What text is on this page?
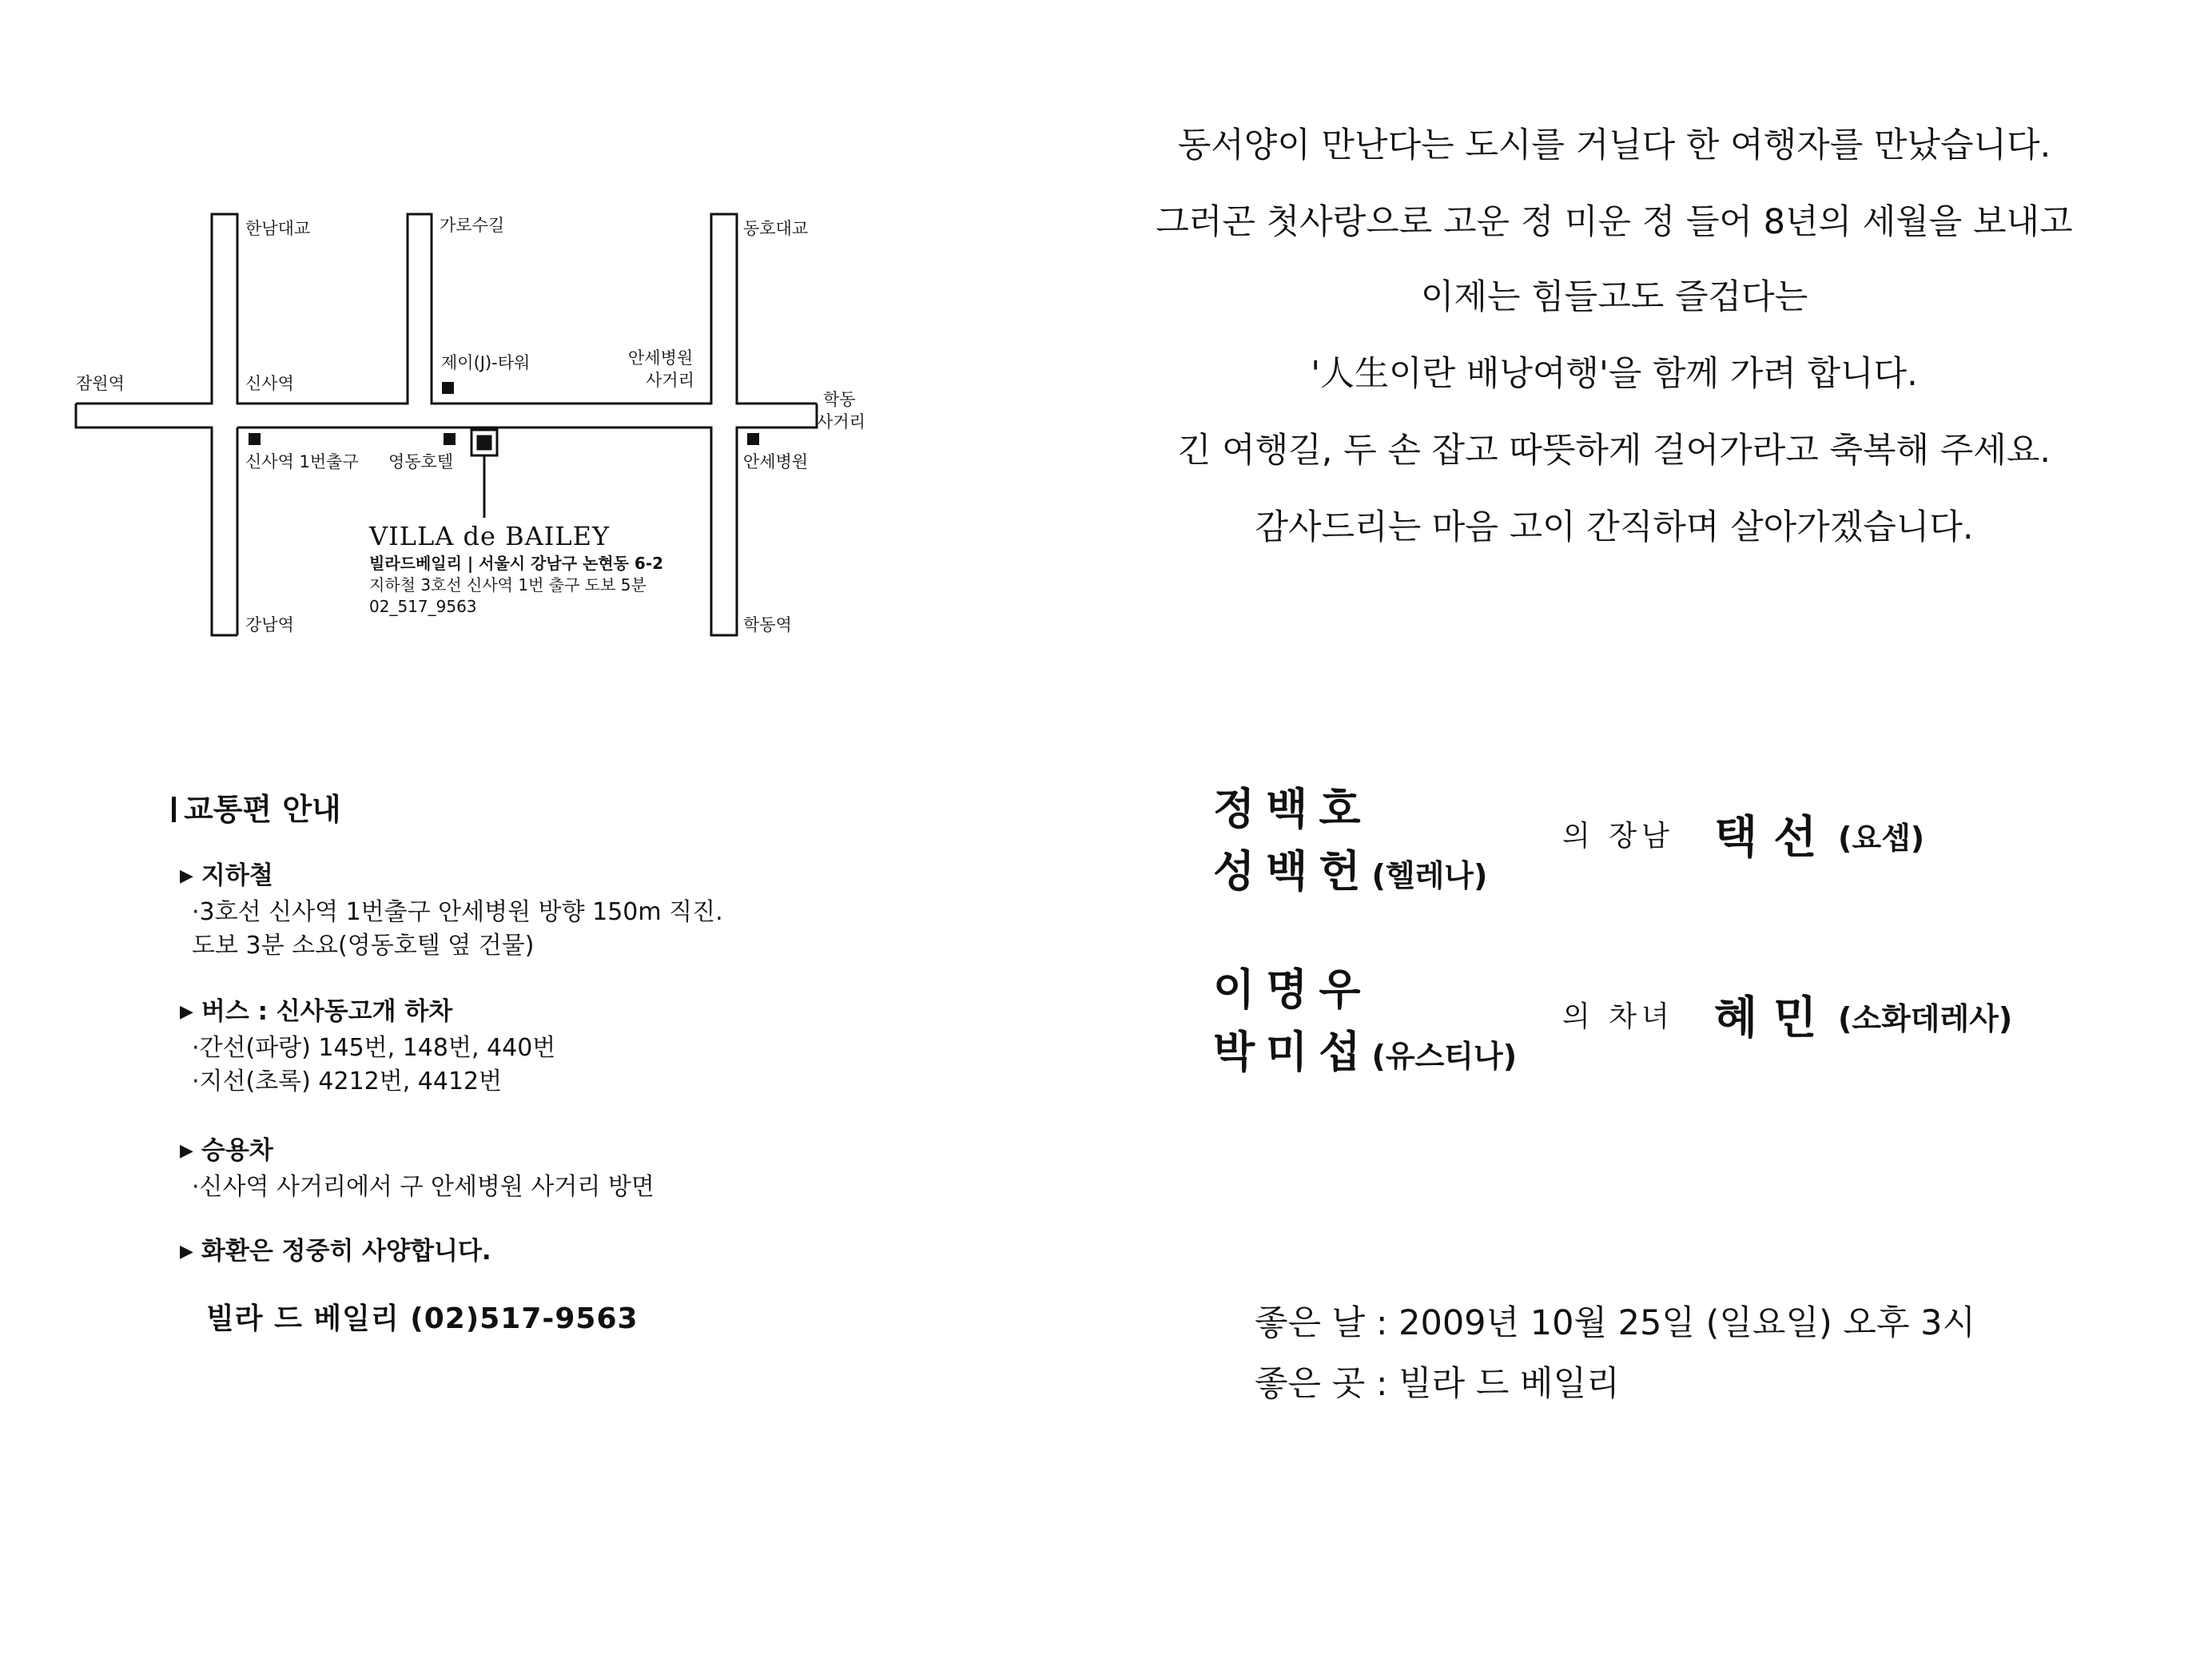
한남대교	가로수길	동호대교
잠원역	신사역
제이(J)-타워	안세병원
사거리
학동
사거리
신사역 1번출구 영동호텔	안세병원
강남역	학동역
VILLA de BAILEY
빌라드베일리 | 서울시 강남구 논현동 6-2
지하철 3호선 신사역 1번 출구 도보 5분
02_517_9563
교통편 안내
▶ 지하철
·3호선 신사역 1번출구 안세병원 방향 150m 직진.
도보 3분 소요(영동호텔 옆 건물)
▶ 버스 : 신사동고개 하차
·간선(파랑) 145번, 148번, 440번
·지선(초록) 4212번, 4412번
▶ 승용차
·신사역 사거리에서 구 안세병원 사거리 방면
▶ 화환은 정중히 사양합니다.
빌라 드 베일리 (02)517-9563
동서양이 만난다는 도시를 거닐다 한 여행자를 만났습니다.
그러곤 첫사랑으로 고운 정 미운 정 들어 8년의 세월을 보내고
이제는 힘들고도 즐겁다는
'人生이란 배낭여행'을 함께 가려 합니다.
긴 여행길, 두 손 잡고 따뜻하게 걸어가라고 축복해 주세요.
감사드리는 마음 고이 간직하며 살아가겠습니다.
정백호
성백헌(헬레나)
의 장남 택선 (요셉)
이명우
박미섭(유스티나)
의 차녀 혜민 (소화데레사)
좋은 날 : 2009년 10월 25일 (일요일) 오후 3시
좋은 곳 : 빌라 드 베일리
